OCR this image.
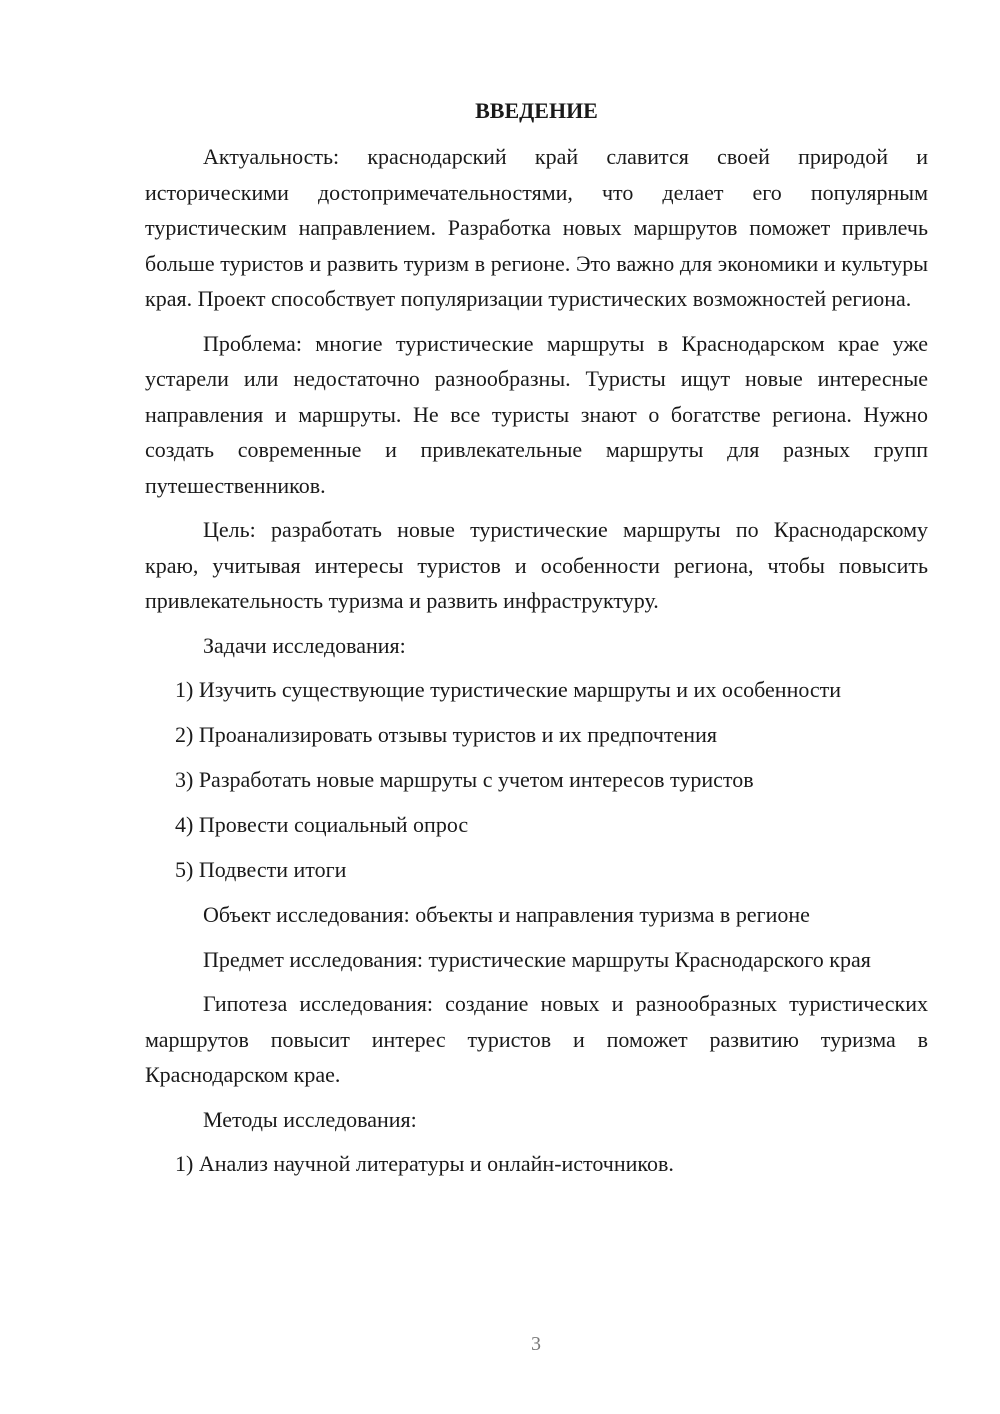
ВВЕДЕНИЕ

Актуальность: краснодарский край славится своей природой и историческими достопримечательностями, что делает его популярным туристическим направлением. Разработка новых маршрутов поможет привлечь больше туристов и развить туризм в регионе. Это важно для экономики и культуры края. Проект способствует популяризации туристических возможностей региона.

Проблема: многие туристические маршруты в Краснодарском крае уже устарели или недостаточно разнообразны. Туристы ищут новые интересные направления и маршруты. Не все туристы знают о богатстве региона. Нужно создать современные и привлекательные маршруты для разных групп путешественников.

Цель: разработать новые туристические маршруты по Краснодарскому краю, учитывая интересы туристов и особенности региона, чтобы повысить привлекательность туризма и развить инфраструктуру.

Задачи исследования:

1) Изучить существующие туристические маршруты и их особенности
2) Проанализировать отзывы туристов и их предпочтения
3) Разработать новые маршруты с учетом интересов туристов
4) Провести социальный опрос
5) Подвести итоги

Объект исследования: объекты и направления туризма в регионе

Предмет исследования: туристические маршруты Краснодарского края

Гипотеза исследования: создание новых и разнообразных туристических маршрутов повысит интерес туристов и поможет развитию туризма в Краснодарском крае.

Методы исследования:

1) Анализ научной литературы и онлайн-источников.
3
